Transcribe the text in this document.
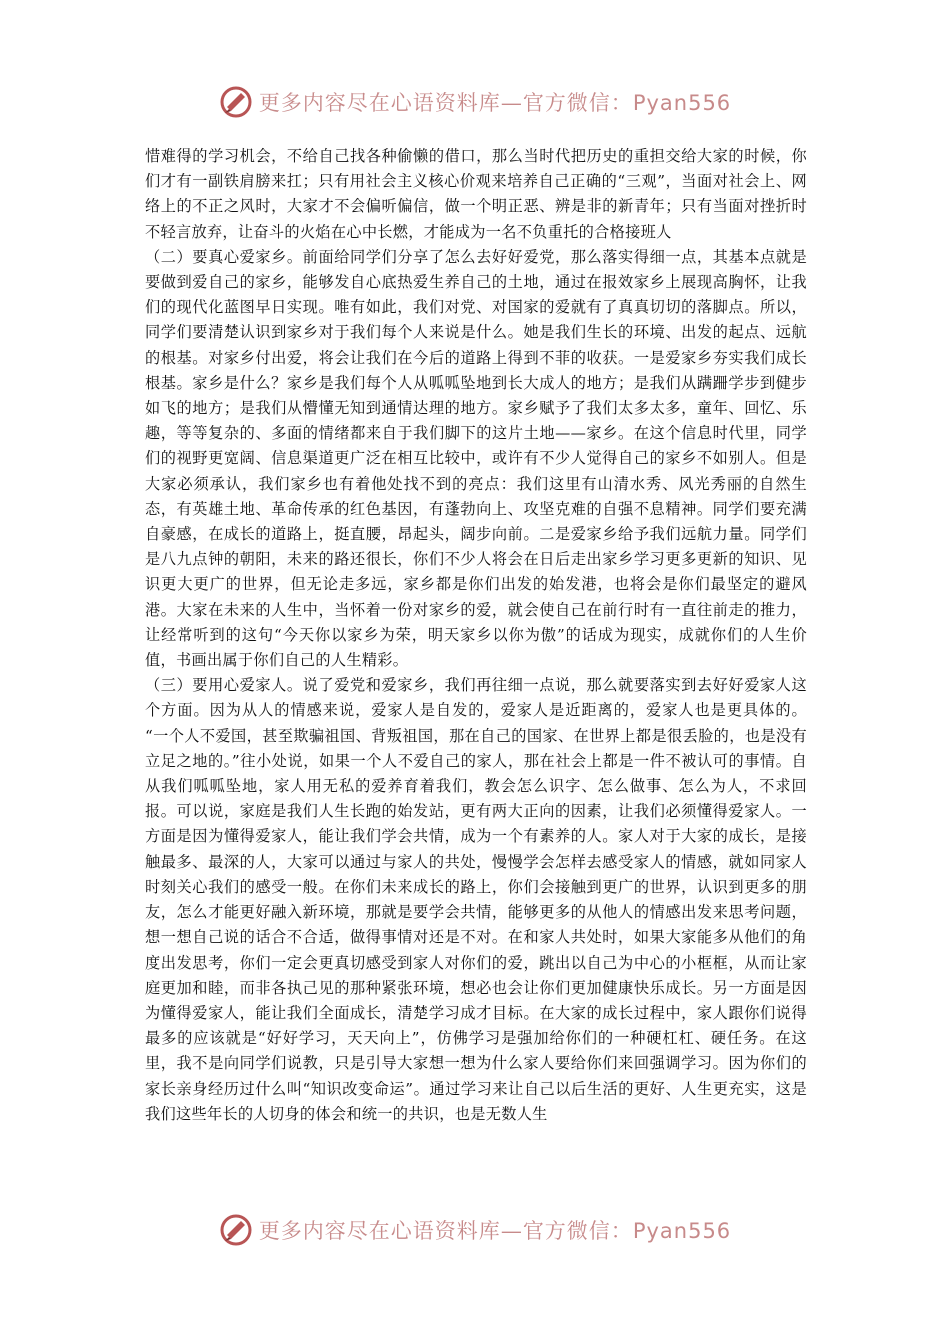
更多内容尽在心语资料库—官方微信：Pyan556

惜难得的学习机会，不给自己找各种偷懒的借口，那么当时代把历史的重担交给大家的时候，你们才有一副铁肩膀来扛；只有用社会主义核心价观来培养自己正确的“三观”，当面对社会上、网络上的不正之风时，大家才不会偏听偏信，做一个明正恶、辨是非的新青年；只有当面对挫折时不轻言放弃，让奋斗的火焰在心中长燃，才能成为一名不负重托的合格接班人

（二）要真心爱家乡。前面给同学们分享了怎么去好好爱党，那么落实得细一点，其基本点就是要做到爱自己的家乡，能够发自心底热爱生养自己的土地，通过在报效家乡上展现高胸怀，让我们的现代化蓝图早日实现。唯有如此，我们对党、对国家的爱就有了真真切切的落脚点。所以，同学们要清楚认识到家乡对于我们每个人来说是什么。她是我们生长的环境、出发的起点、远航的根基。对家乡付出爱，将会让我们在今后的道路上得到不菲的收获。一是爱家乡夯实我们成长根基。家乡是什么？家乡是我们每个人从呱呱坠地到长大成人的地方；是我们从蹒跚学步到健步如飞的地方；是我们从懵懂无知到通情达理的地方。家乡赋予了我们太多太多，童年、回忆、乐趣，等等复杂的、多面的情绪都来自于我们脚下的这片土地——家乡。在这个信息时代里，同学们的视野更宽阔、信息渠道更广泛在相互比较中，或许有不少人觉得自己的家乡不如别人。但是大家必须承认，我们家乡也有着他处找不到的亮点：我们这里有山清水秀、风光秀丽的自然生态，有英雄土地、革命传承的红色基因，有蓬勃向上、攻坚克难的自强不息精神。同学们要充满自豪感，在成长的道路上，挺直腰，昂起头，阔步向前。二是爱家乡给予我们远航力量。同学们是八九点钟的朝阳，未来的路还很长，你们不少人将会在日后走出家乡学习更多更新的知识、见识更大更广的世界，但无论走多远，家乡都是你们出发的始发港，也将会是你们最坚定的避风港。大家在未来的人生中，当怀着一份对家乡的爱，就会使自己在前行时有一直往前走的推力，让经常听到的这句“今天你以家乡为荣，明天家乡以你为傲”的话成为现实，成就你们的人生价值，书画出属于你们自己的人生精彩。

（三）要用心爱家人。说了爱党和爱家乡，我们再往细一点说，那么就要落实到去好好爱家人这个方面。因为从人的情感来说，爱家人是自发的，爱家人是近距离的，爱家人也是更具体的。 “一个人不爱国，甚至欺骗祖国、背叛祖国，那在自己的国家、在世界上都是很丢脸的，也是没有立足之地的。”往小处说，如果一个人不爱自己的家人，那在社会上都是一件不被认可的事情。自从我们呱呱坠地，家人用无私的爱养育着我们，教会怎么识字、怎么做事、怎么为人，不求回报。可以说，家庭是我们人生长跑的始发站，更有两大正向的因素，让我们必须懂得爱家人。一方面是因为懂得爱家人，能让我们学会共情，成为一个有素养的人。家人对于大家的成长，是接触最多、最深的人，大家可以通过与家人的共处，慢慢学会怎样去感受家人的情感，就如同家人时刻关心我们的感受一般。在你们未来成长的路上，你们会接触到更广的世界，认识到更多的朋友，怎么才能更好融入新环境，那就是要学会共情，能够更多的从他人的情感出发来思考问题，想一想自己说的话合不合适，做得事情对还是不对。在和家人共处时，如果大家能多从他们的角度出发思考，你们一定会更真切感受到家人对你们的爱，跳出以自己为中心的小框框，从而让家庭更加和睦，而非各执己见的那种紧张环境，想必也会让你们更加健康快乐成长。另一方面是因为懂得爱家人，能让我们全面成长，清楚学习成才目标。在大家的成长过程中，家人跟你们说得最多的应该就是“好好学习，天天向上”，仿佛学习是强加给你们的一种硬杠杠、硬任务。在这里，我不是向同学们说教，只是引导大家想一想为什么家人要给你们来回强调学习。因为你们的家长亲身经历过什么叫“知识改变命运”。通过学习来让自己以后生活的更好、人生更充实，这是我们这些年长的人切身的体会和统一的共识，也是无数人生

更多内容尽在心语资料库—官方微信：Pyan556
